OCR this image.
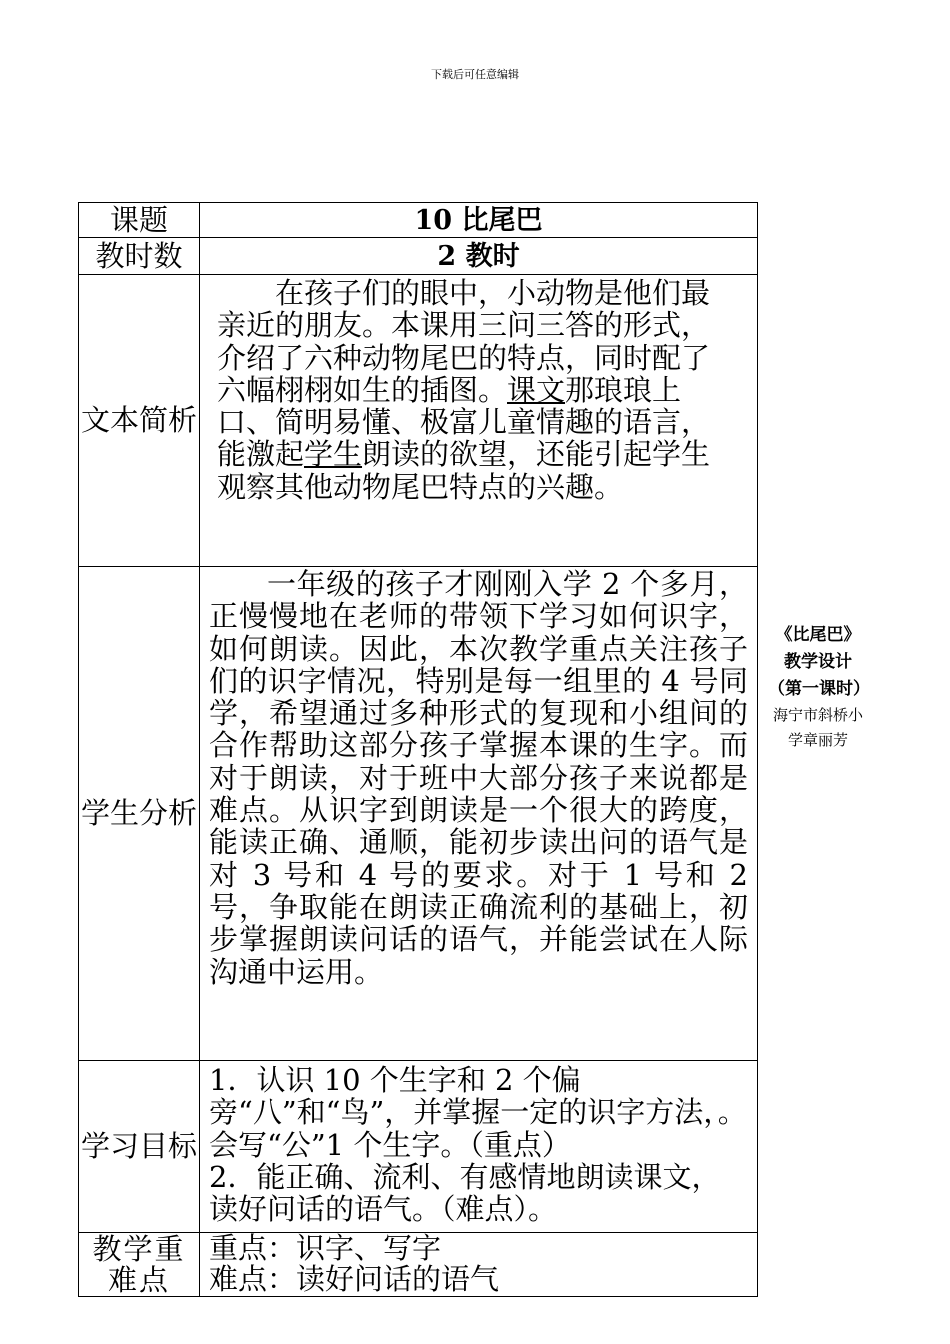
下载后可任意编辑
课题	10 比尾巴
教时数	2 教时
文本简析	在孩子们的眼中，小动物是他们最亲近的朋友。本课用三问三答的形式，介绍了六种动物尾巴的特点，同时配了六幅栩栩如生的插图。课文那琅琅上口、简明易懂、极富儿童情趣的语言，能激起学生朗读的欲望，还能引起学生观察其他动物尾巴特点的兴趣。

学生分析	一年级的孩子才刚刚入学 2 个多月，正慢慢地在老师的带领下学习如何识字，如何朗读。因此，本次教学重点关注孩子们的识字情况，特别是每一组里的 4 号同学，希望通过多种形式的复现和小组间的合作帮助这部分孩子掌握本课的生字。而对于朗读，对于班中大部分孩子来说都是难点。从识字到朗读是一个很大的跨度，能读正确、通顺，能初步读出问的语气是对 3 号和 4 号的要求。对于 1 号和 2 号，争取能在朗读正确流利的基础上，初步掌握朗读问话的语气，并能尝试在人际沟通中运用。

学习目标	1．认识 10 个生字和 2 个偏旁“八”和“鸟”，并掌握一定的识字方法，。会写“公”1 个生字。（重点）
2．能正确、流利、有感情地朗读课文，读好问话的语气。（难点）。

教学重难点	重点：识字、写字
难点：读好问话的语气
《比尾巴》教学设计（第一课时）
海宁市斜桥小学章丽芳
